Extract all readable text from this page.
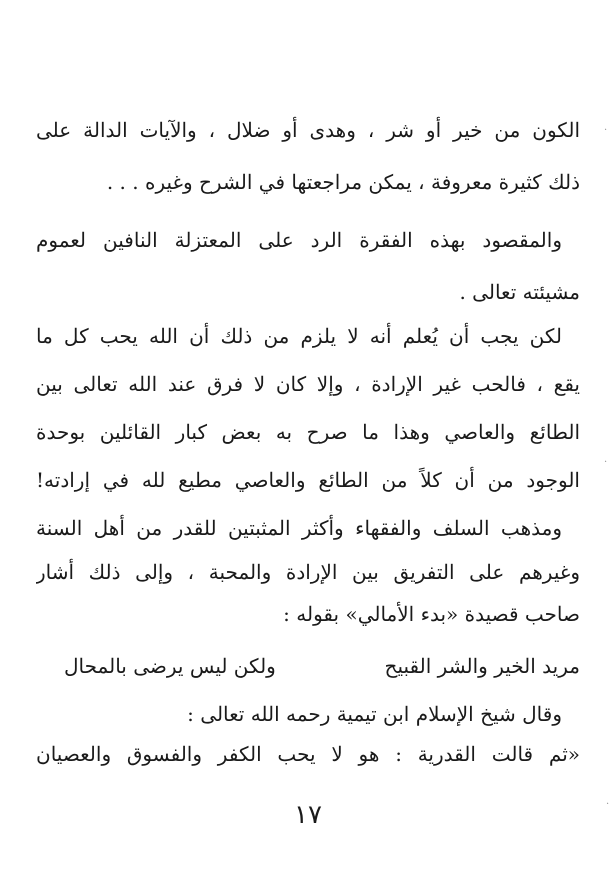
الكون من خير أو شر ، وهدى أو ضلال ، والآيات الدالة على
ذلك كثيرة معروفة ، يمكن مراجعتها في الشرح وغيره . . .
والمقصود بهذه الفقرة الرد على المعتزلة النافين لعموم
مشيئته تعالى .
لكن يجب أن يُعلم أنه لا يلزم من ذلك أن الله يحب كل ما
يقع ، فالحب غير الإرادة ، وإلا كان لا فرق عند الله تعالى بين
الطائع والعاصي وهذا ما صرح به بعض كبار القائلين بوحدة
الوجود من أن كلاً من الطائع والعاصي مطيع لله في إرادته!
ومذهب السلف والفقهاء وأكثر المثبتين للقدر من أهل السنة
وغيرهم على التفريق بين الإرادة والمحبة ، وإلى ذلك أشار
صاحب قصيدة «بدء الأمالي» بقوله :
مريد الخير والشر القبيح
ولكن ليس يرضى بالمحال
وقال شيخ الإسلام ابن تيمية رحمه الله تعالى :
«ثم قالت القدرية : هو لا يحب الكفر والفسوق والعصيان
١٧
·
·
·
